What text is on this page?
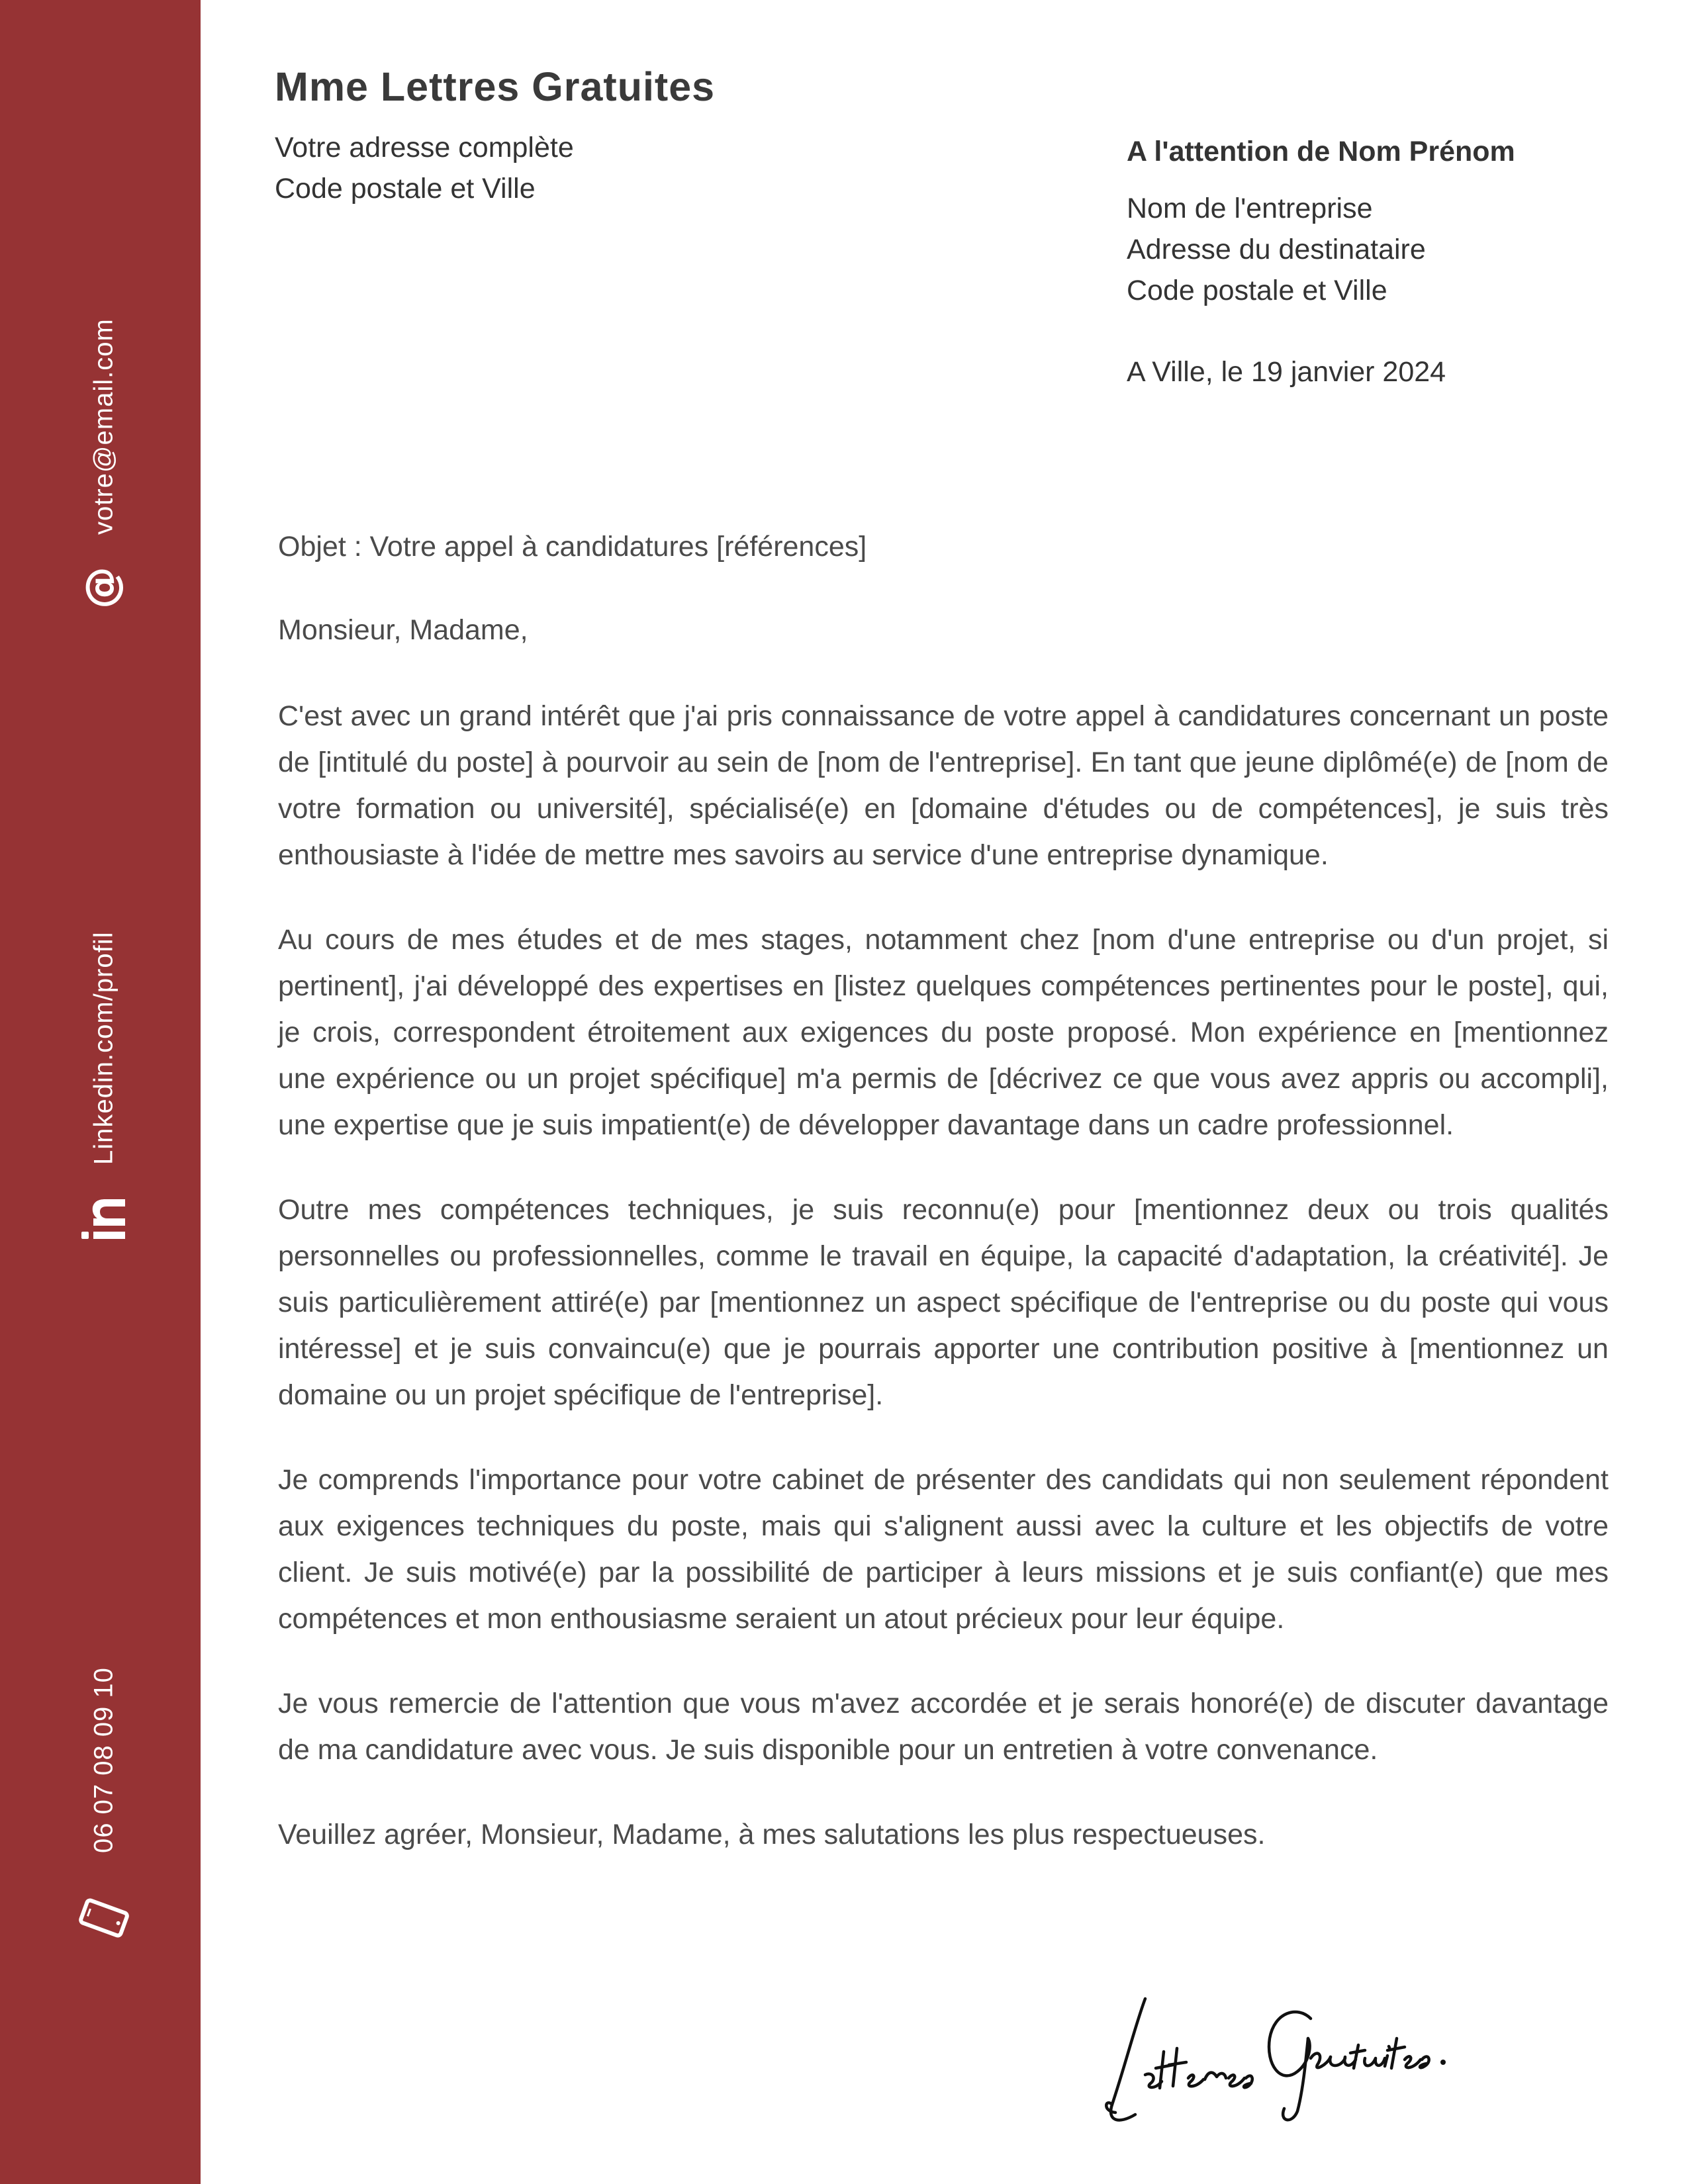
votre@email.com
@
Linkedin.com/profil
06 07 08 09 10
Mme Lettres Gratuites
Votre adresse complète
Code postale et Ville
A l'attention de Nom Prénom
Nom de l'entreprise
Adresse du destinataire
Code postale et Ville
A Ville, le 19 janvier 2024

Objet : Votre appel à candidatures [références]

Monsieur, Madame,

C'est avec un grand intérêt que j'ai pris connaissance de votre appel à candidatures concernant un poste de [intitulé du poste] à pourvoir au sein de [nom de l'entreprise]. En tant que jeune diplômé(e) de [nom de votre formation ou université], spécialisé(e) en [domaine d'études ou de compétences], je suis très enthousiaste à l'idée de mettre mes savoirs au service d'une entreprise dynamique.

Au cours de mes études et de mes stages, notamment chez [nom d'une entreprise ou d'un projet, si pertinent], j'ai développé des expertises en [listez quelques compétences pertinentes pour le poste], qui, je crois, correspondent étroitement aux exigences du poste proposé. Mon expérience en [mentionnez une expérience ou un projet spécifique] m'a permis de [décrivez ce que vous avez appris ou accompli], une expertise que je suis impatient(e) de développer davantage dans un cadre professionnel.

Outre mes compétences techniques, je suis reconnu(e) pour [mentionnez deux ou trois qualités personnelles ou professionnelles, comme le travail en équipe, la capacité d'adaptation, la créativité]. Je suis particulièrement attiré(e) par [mentionnez un aspect spécifique de l'entreprise ou du poste qui vous intéresse] et je suis convaincu(e) que je pourrais apporter une contribution positive à [mentionnez un domaine ou un projet spécifique de l'entreprise].

Je comprends l'importance pour votre cabinet de présenter des candidats qui non seulement répondent aux exigences techniques du poste, mais qui s'alignent aussi avec la culture et les objectifs de votre client. Je suis motivé(e) par la possibilité de participer à leurs missions et je suis confiant(e) que mes compétences et mon enthousiasme seraient un atout précieux pour leur équipe.

Je vous remercie de l'attention que vous m'avez accordée et je serais honoré(e) de discuter davantage de ma candidature avec vous. Je suis disponible pour un entretien à votre convenance.

Veuillez agréer, Monsieur, Madame, à mes salutations les plus respectueuses.
